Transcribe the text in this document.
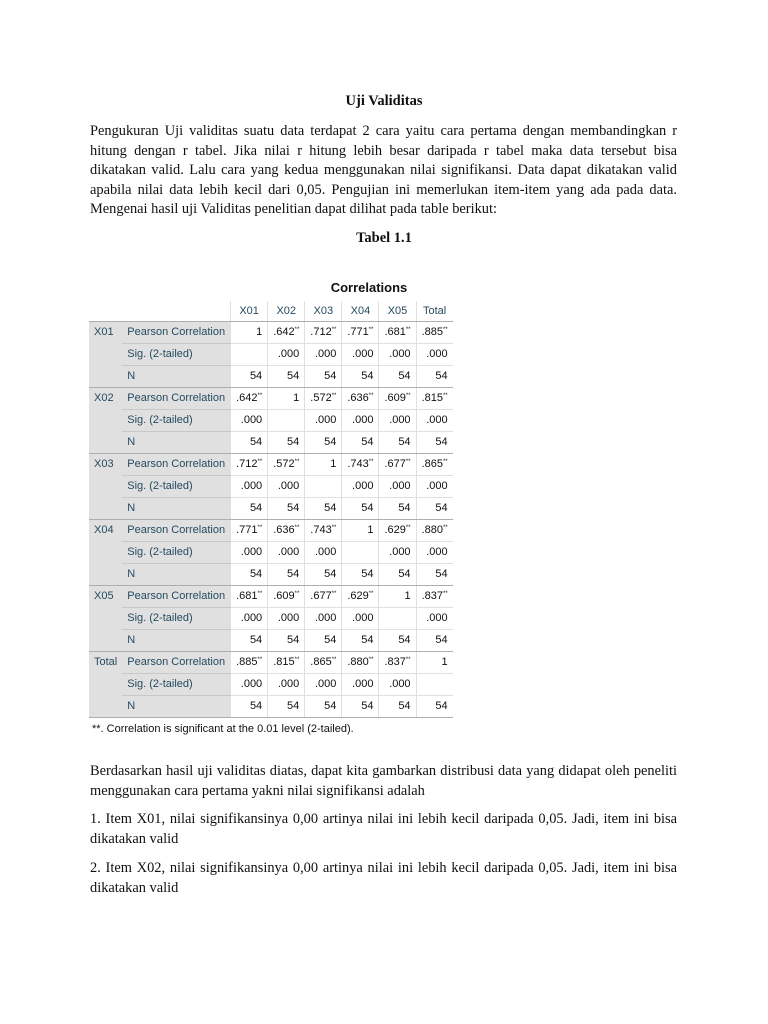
Uji Validitas

Pengukuran Uji validitas suatu data terdapat 2 cara yaitu cara pertama dengan membandingkan r hitung dengan r tabel. Jika nilai r hitung lebih besar daripada r tabel maka data tersebut bisa dikatakan valid. Lalu cara yang kedua menggunakan nilai signifikansi. Data dapat dikatakan valid apabila nilai data lebih kecil dari 0,05. Pengujian ini memerlukan item-item yang ada pada data. Mengenai hasil uji Validitas penelitian dapat dilihat pada table berikut:

Tabel 1.1
Correlations
		X01	X02	X03	X04	X05	Total
X01	Pearson Correlation	1	.642**	.712**	.771**	.681**	.885**
	Sig. (2-tailed)		.000	.000	.000	.000	.000
	N	54	54	54	54	54	54
X02	Pearson Correlation	.642**	1	.572**	.636**	.609**	.815**
	Sig. (2-tailed)	.000		.000	.000	.000	.000
	N	54	54	54	54	54	54
X03	Pearson Correlation	.712**	.572**	1	.743**	.677**	.865**
	Sig. (2-tailed)	.000	.000		.000	.000	.000
	N	54	54	54	54	54	54
X04	Pearson Correlation	.771**	.636**	.743**	1	.629**	.880**
	Sig. (2-tailed)	.000	.000	.000		.000	.000
	N	54	54	54	54	54	54
X05	Pearson Correlation	.681**	.609**	.677**	.629**	1	.837**
	Sig. (2-tailed)	.000	.000	.000	.000		.000
	N	54	54	54	54	54	54
Total	Pearson Correlation	.885**	.815**	.865**	.880**	.837**	1
	Sig. (2-tailed)	.000	.000	.000	.000	.000	
	N	54	54	54	54	54	54
**. Correlation is significant at the 0.01 level (2-tailed).

Berdasarkan hasil uji validitas diatas, dapat kita gambarkan distribusi data yang didapat oleh peneliti menggunakan cara pertama yakni nilai signifikansi adalah

1. Item X01, nilai signifikansinya 0,00 artinya nilai ini lebih kecil daripada 0,05. Jadi, item ini bisa dikatakan valid

2. Item X02, nilai signifikansinya 0,00 artinya nilai ini lebih kecil daripada 0,05. Jadi, item ini bisa dikatakan valid
